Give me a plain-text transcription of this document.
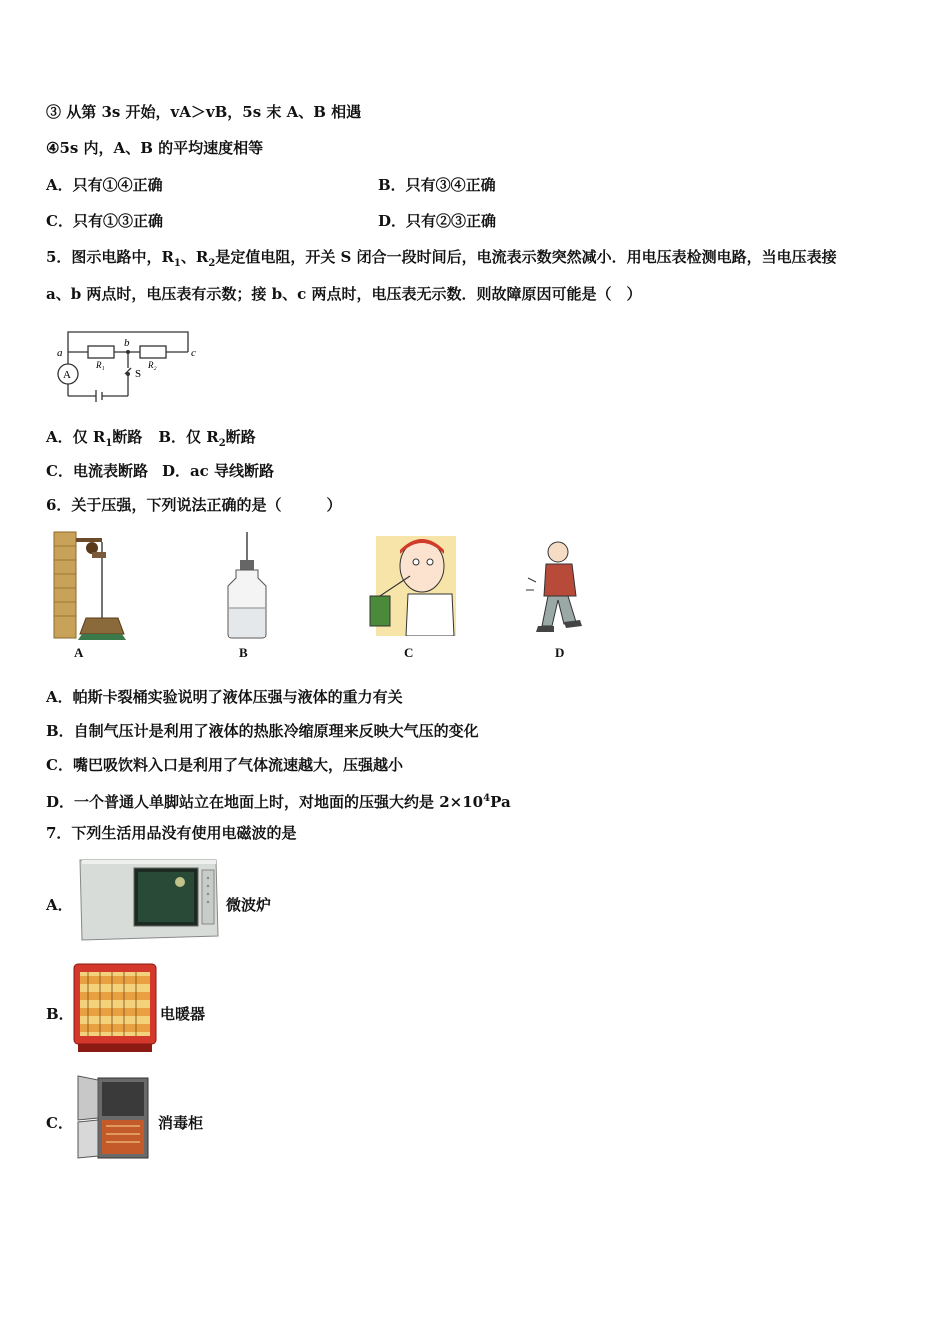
③ 从第 3s 开始，vA＞vB，5s 末 A、B 相遇
④5s 内，A、B 的平均速度相等
A．只有①④正确	B．只有③④正确
C．只有①③正确	D．只有②③正确
5．图示电路中，$R_1$、$R_2$是定值电阻，开关 S 闭合一段时间后，电流表示数突然减小．用电压表检测电路，当电压表接
a、b 两点时，电压表有示数；接 b、c 两点时，电压表无示数．则故障原因可能是（　）
A
a
b
c
R₁	R₂
S
A．仅 $R_1$断路 B．仅 $R_2$断路
C．电流表断路 D．ac 导线断路
6．关于压强，下列说法正确的是（　　　）
A	B	C	D
A．帕斯卡裂桶实验说明了液体压强与液体的重力有关
B．自制气压计是利用了液体的热胀冷缩原理来反映大气压的变化
C．嘴巴吸饮料入口是利用了气体流速越大，压强越小
D．一个普通人单脚站立在地面上时，对地面的压强大约是 $2\times 10^4Pa$
7．下列生活用品没有使用电磁波的是
A．	微波炉
B．	电暖器
C．	消毒柜
